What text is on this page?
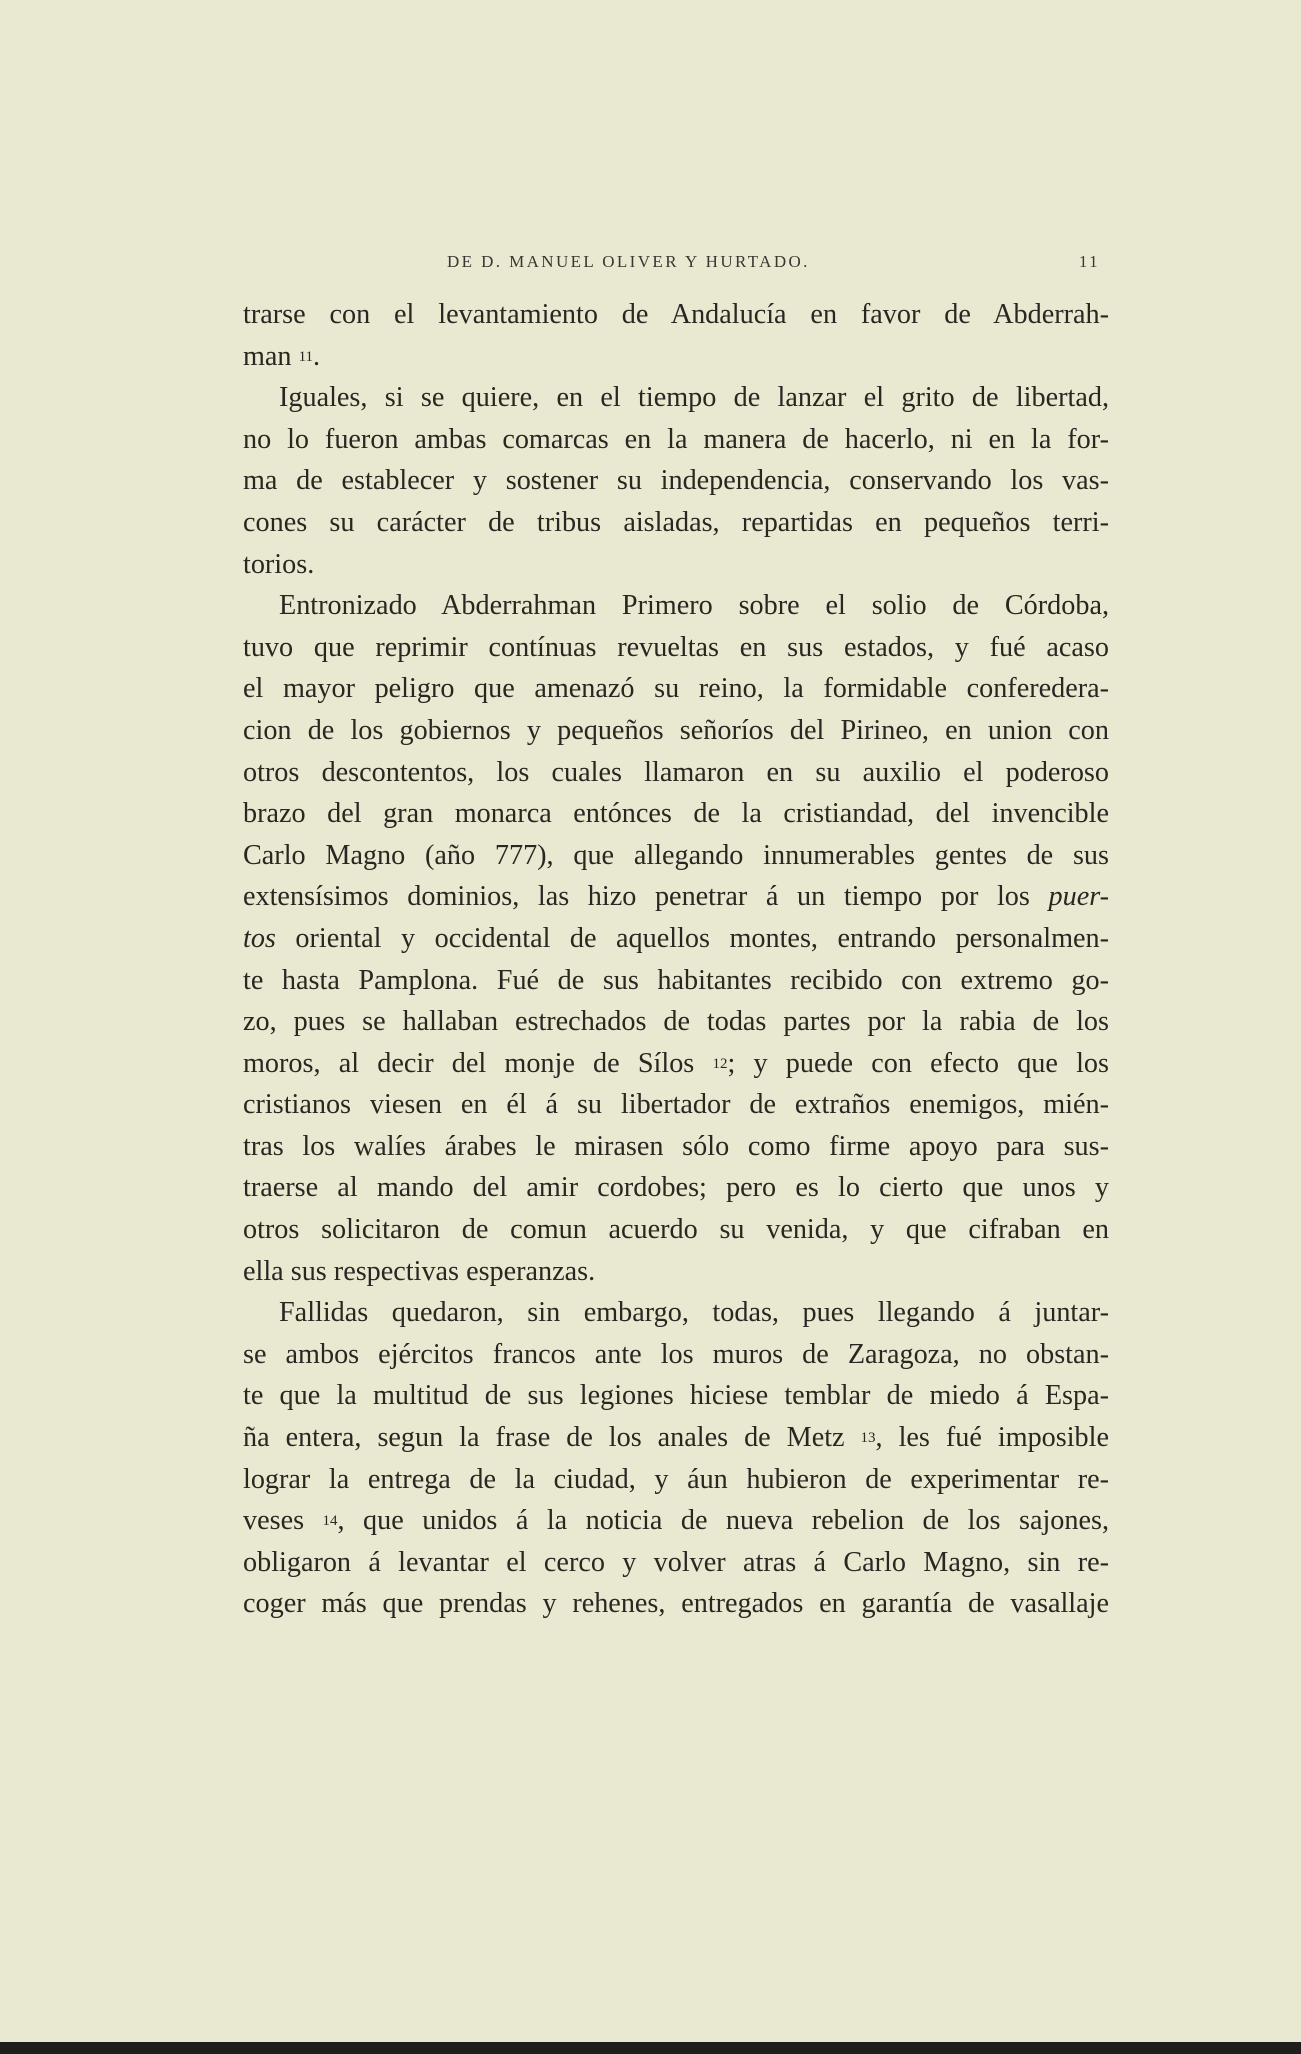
DE D. MANUEL OLIVER Y HURTADO.	11
trarse con el levantamiento de Andalucía en favor de Abderrah-
man $^{11}$.
Iguales, si se quiere, en el tiempo de lanzar el grito de libertad,
no lo fueron ambas comarcas en la manera de hacerlo, ni en la for-
ma de establecer y sostener su independencia, conservando los vas-
cones su carácter de tribus aisladas, repartidas en pequeños terri-
torios.
Entronizado Abderrahman Primero sobre el solio de Córdoba,
tuvo que reprimir contínuas revueltas en sus estados, y fué acaso
el mayor peligro que amenazó su reino, la formidable conferedera-
cion de los gobiernos y pequeños señoríos del Pirineo, en union con
otros descontentos, los cuales llamaron en su auxilio el poderoso
brazo del gran monarca entónces de la cristiandad, del invencible
Carlo Magno (año 777), que allegando innumerables gentes de sus
extensísimos dominios, las hizo penetrar á un tiempo por los puer-
tos oriental y occidental de aquellos montes, entrando personalmen-
te hasta Pamplona. Fué de sus habitantes recibido con extremo go-
zo, pues se hallaban estrechados de todas partes por la rabia de los
moros, al decir del monje de Sílos $^{12}$; y puede con efecto que los
cristianos viesen en él á su libertador de extraños enemigos, mién-
tras los walíes árabes le mirasen sólo como firme apoyo para sus-
traerse al mando del amir cordobes; pero es lo cierto que unos y
otros solicitaron de comun acuerdo su venida, y que cifraban en
ella sus respectivas esperanzas.
Fallidas quedaron, sin embargo, todas, pues llegando á juntar-
se ambos ejércitos francos ante los muros de Zaragoza, no obstan-
te que la multitud de sus legiones hiciese temblar de miedo á Espa-
ña entera, segun la frase de los anales de Metz $^{13}$, les fué imposible
lograr la entrega de la ciudad, y áun hubieron de experimentar re-
veses $^{14}$, que unidos á la noticia de nueva rebelion de los sajones,
obligaron á levantar el cerco y volver atras á Carlo Magno, sin re-
coger más que prendas y rehenes, entregados en garantía de vasallaje
